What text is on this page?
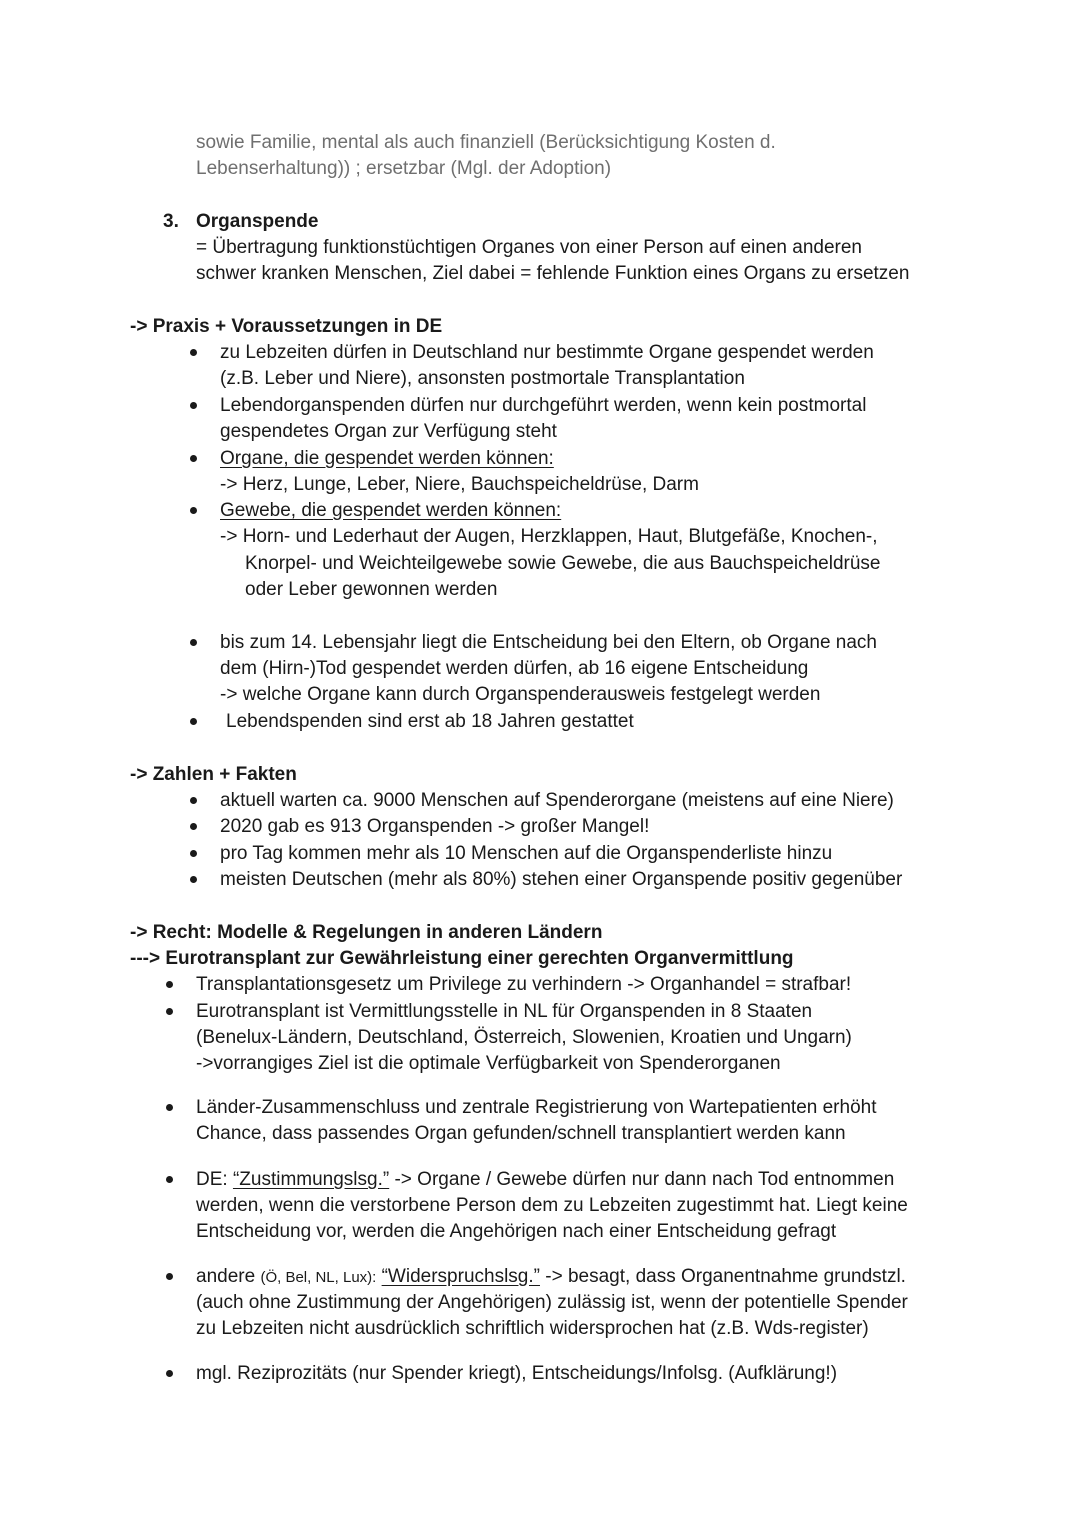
sowie Familie, mental als auch finanziell (Berücksichtigung Kosten d.

Lebenserhaltung)) ; ersetzbar (Mgl. der Adoption)

3. Organspende

= Übertragung funktionstüchtigen Organes von einer Person auf einen anderen

schwer kranken Menschen, Ziel dabei = fehlende Funktion eines Organs zu ersetzen

-> Praxis + Voraussetzungen in DE

zu Lebzeiten dürfen in Deutschland nur bestimmte Organe gespendet werden

(z.B. Leber und Niere), ansonsten postmortale Transplantation

Lebendorganspenden dürfen nur durchgeführt werden, wenn kein postmortal

gespendetes Organ zur Verfügung steht

Organe, die gespendet werden können:

-> Herz, Lunge, Leber, Niere, Bauchspeicheldrüse, Darm

Gewebe, die gespendet werden können:

-> Horn- und Lederhaut der Augen, Herzklappen, Haut, Blutgefäße, Knochen-,

Knorpel- und Weichteilgewebe sowie Gewebe, die aus Bauchspeicheldrüse

oder Leber gewonnen werden

bis zum 14. Lebensjahr liegt die Entscheidung bei den Eltern, ob Organe nach

dem (Hirn-)Tod gespendet werden dürfen, ab 16 eigene Entscheidung

-> welche Organe kann durch Organspenderausweis festgelegt werden

Lebendspenden sind erst ab 18 Jahren gestattet

-> Zahlen + Fakten

aktuell warten ca. 9000 Menschen auf Spenderorgane (meistens auf eine Niere)

2020 gab es 913 Organspenden -> großer Mangel!

pro Tag kommen mehr als 10 Menschen auf die Organspenderliste hinzu

meisten Deutschen (mehr als 80%) stehen einer Organspende positiv gegenüber

-> Recht: Modelle & Regelungen in anderen Ländern

---> Eurotransplant zur Gewährleistung einer gerechten Organvermittlung

Transplantationsgesetz um Privilege zu verhindern -> Organhandel = strafbar!

Eurotransplant ist Vermittlungsstelle in NL für Organspenden in 8 Staaten

(Benelux-Ländern, Deutschland, Österreich, Slowenien, Kroatien und Ungarn)

->vorrangiges Ziel ist die optimale Verfügbarkeit von Spenderorganen

Länder-Zusammenschluss und zentrale Registrierung von Wartepatienten erhöht

Chance, dass passendes Organ gefunden/schnell transplantiert werden kann

DE: “Zustimmungslsg.” -> Organe / Gewebe dürfen nur dann nach Tod entnommen

werden, wenn die verstorbene Person dem zu Lebzeiten zugestimmt hat. Liegt keine

Entscheidung vor, werden die Angehörigen nach einer Entscheidung gefragt

andere (Ö, Bel, NL, Lux): “Widerspruchslsg.” -> besagt, dass Organentnahme grundstzl.

(auch ohne Zustimmung der Angehörigen) zulässig ist, wenn der potentielle Spender

zu Lebzeiten nicht ausdrücklich schriftlich widersprochen hat (z.B. Wds-register)

mgl. Reziprozitäts (nur Spender kriegt), Entscheidungs/Infolsg. (Aufklärung!)
